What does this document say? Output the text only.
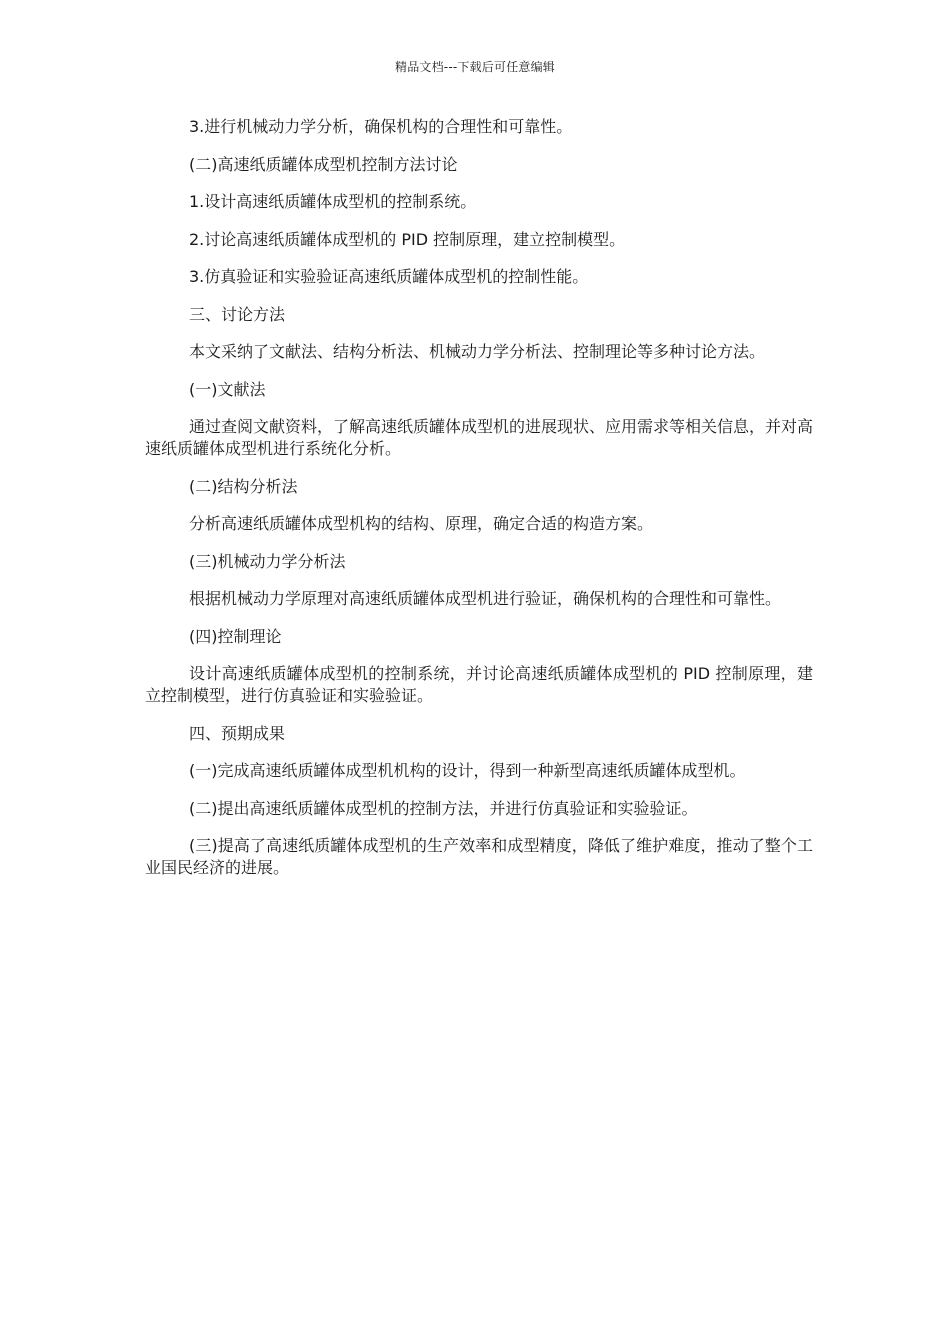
精品文档---下载后可任意编辑

3.进行机械动力学分析，确保机构的合理性和可靠性。

(二)高速纸质罐体成型机控制方法讨论

1.设计高速纸质罐体成型机的控制系统。

2.讨论高速纸质罐体成型机的 PID 控制原理，建立控制模型。

3.仿真验证和实验验证高速纸质罐体成型机的控制性能。

三、讨论方法

本文采纳了文献法、结构分析法、机械动力学分析法、控制理论等多种讨论方法。

(一)文献法

通过查阅文献资料，了解高速纸质罐体成型机的进展现状、应用需求等相关信息，并对高速纸质罐体成型机进行系统化分析。

(二)结构分析法

分析高速纸质罐体成型机构的结构、原理，确定合适的构造方案。

(三)机械动力学分析法

根据机械动力学原理对高速纸质罐体成型机进行验证，确保机构的合理性和可靠性。

(四)控制理论

设计高速纸质罐体成型机的控制系统，并讨论高速纸质罐体成型机的 PID 控制原理，建立控制模型，进行仿真验证和实验验证。

四、预期成果

(一)完成高速纸质罐体成型机机构的设计，得到一种新型高速纸质罐体成型机。

(二)提出高速纸质罐体成型机的控制方法，并进行仿真验证和实验验证。

(三)提高了高速纸质罐体成型机的生产效率和成型精度，降低了维护难度，推动了整个工业国民经济的进展。
